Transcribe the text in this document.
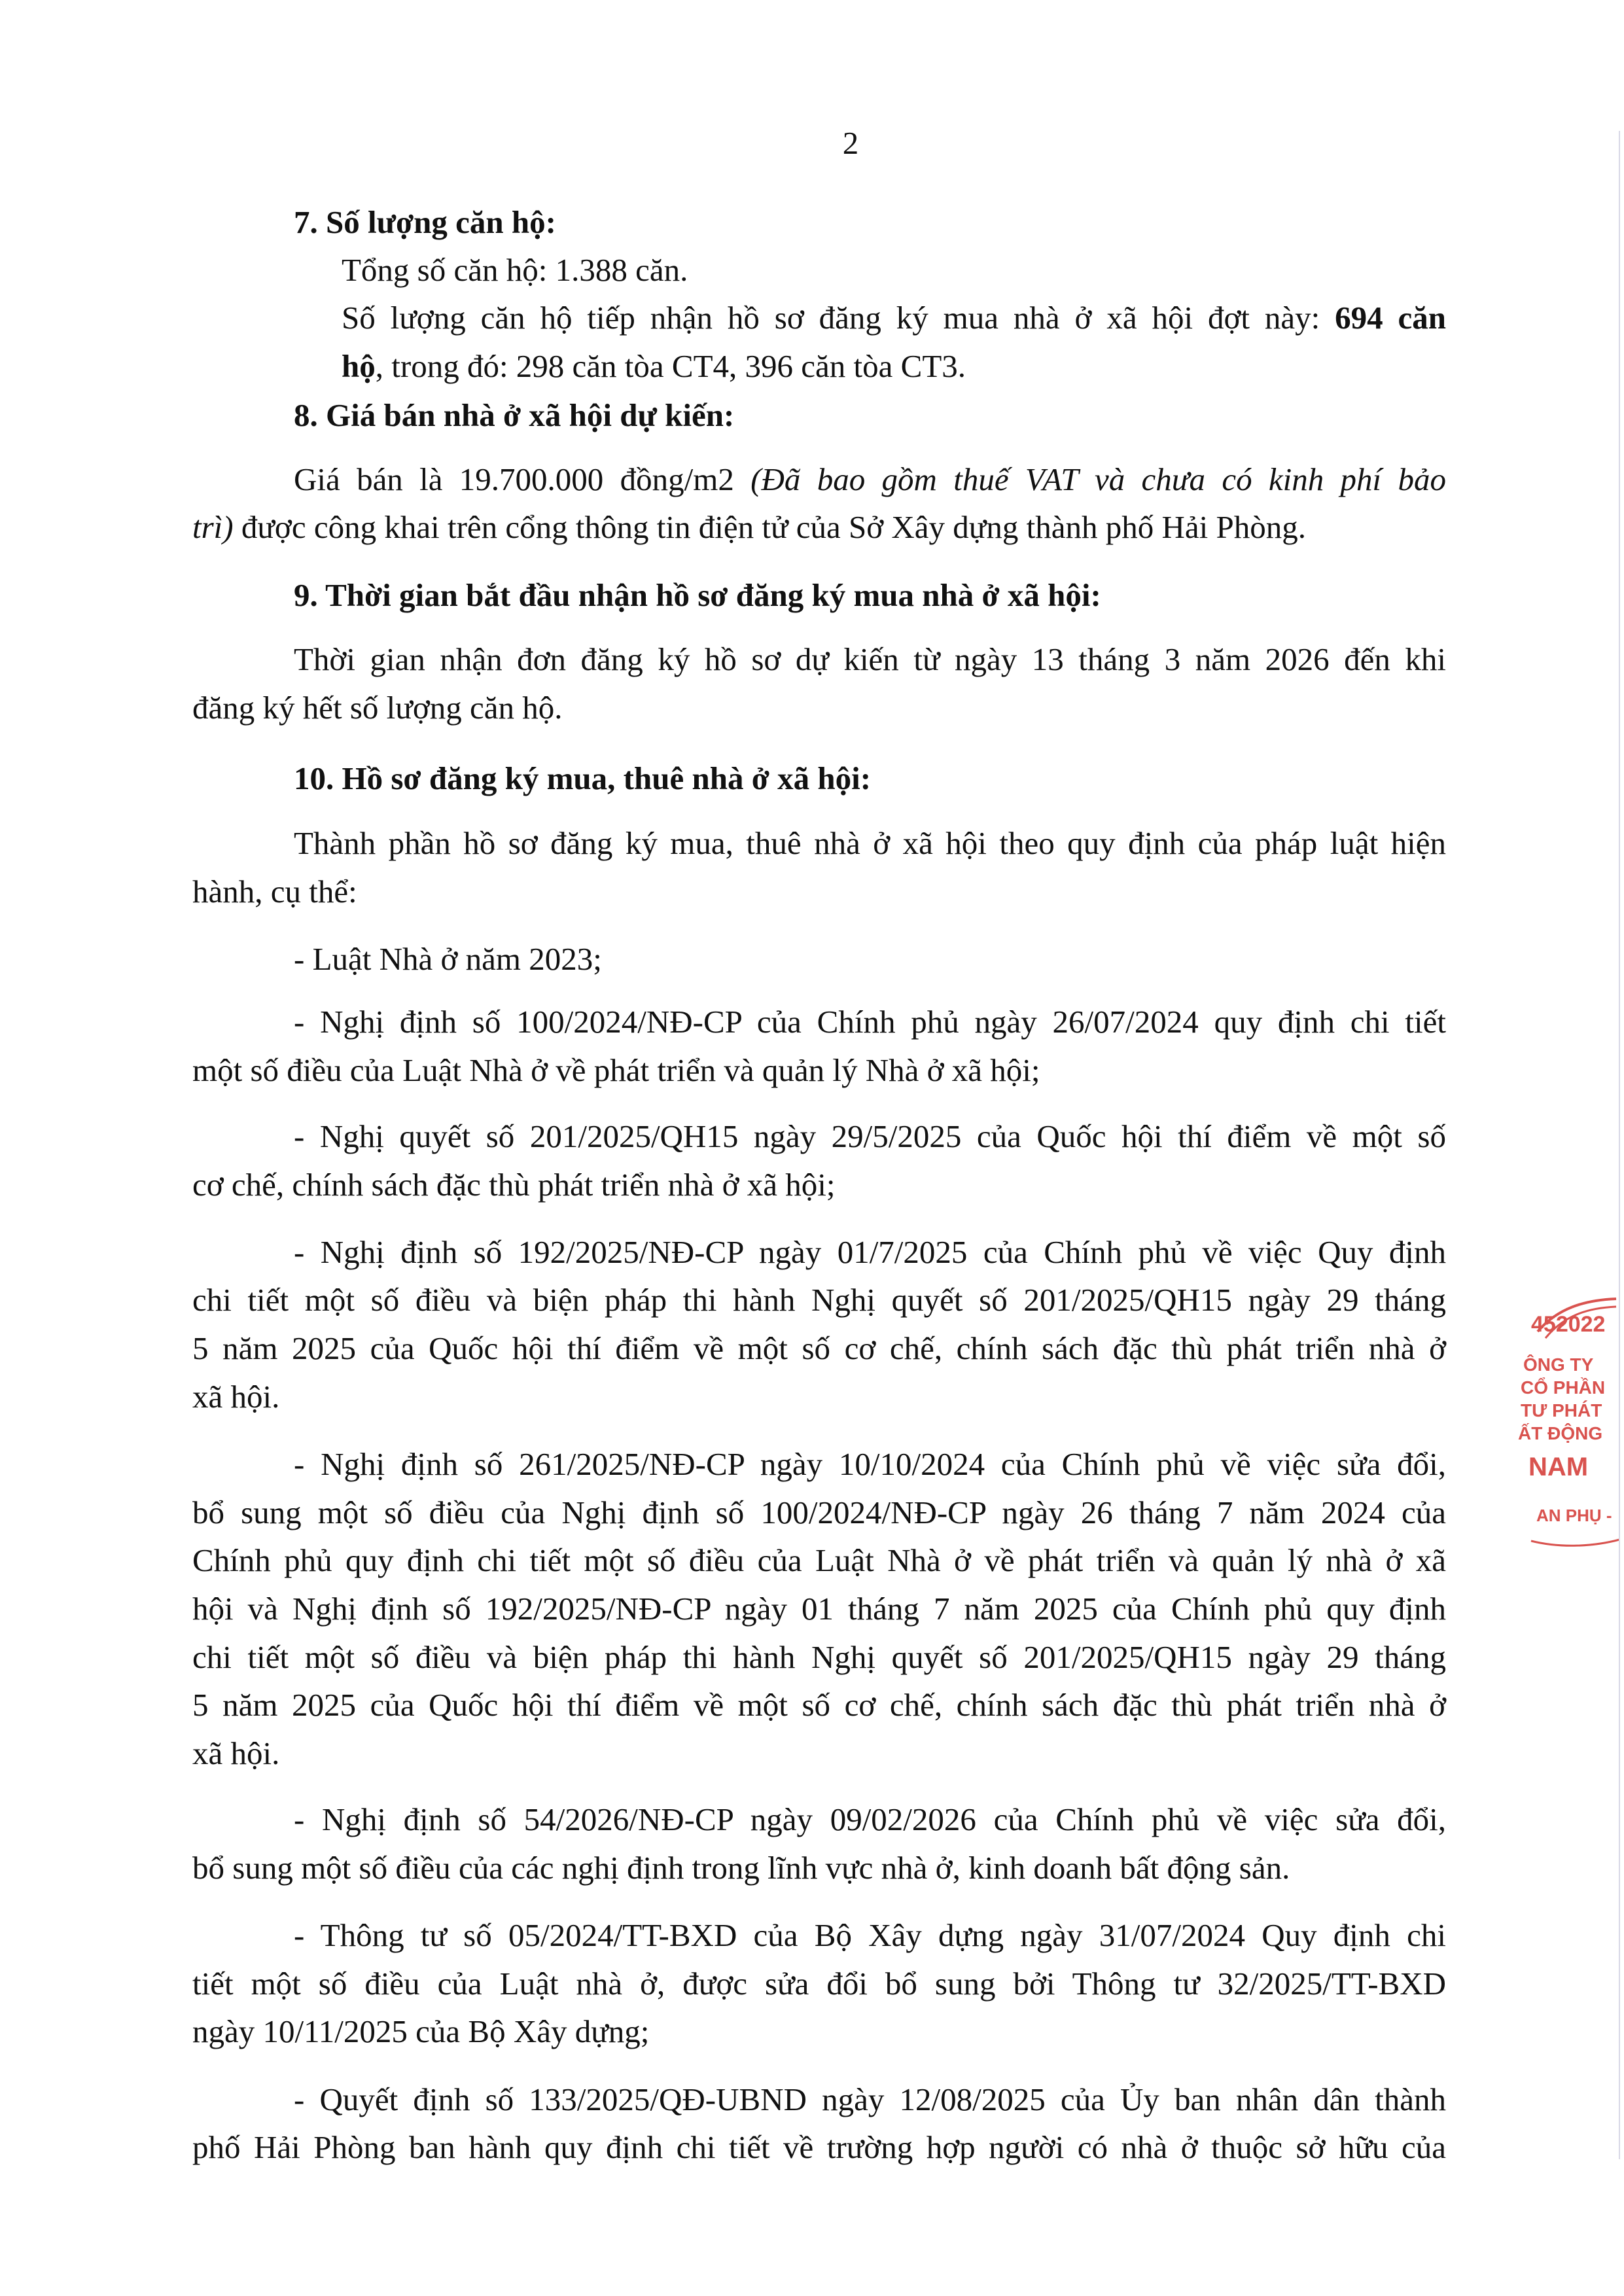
2
7. Số lượng căn hộ:
Tổng số căn hộ: 1.388 căn.
Số lượng căn hộ tiếp nhận hồ sơ đăng ký mua nhà ở xã hội đợt này: 694 căn
hộ, trong đó: 298 căn tòa CT4, 396 căn tòa CT3.
8. Giá bán nhà ở xã hội dự kiến:
Giá bán là 19.700.000 đồng/m2 (Đã bao gồm thuế VAT và chưa có kinh phí bảo
trì) được công khai trên cổng thông tin điện tử của Sở Xây dựng thành phố Hải Phòng.
9. Thời gian bắt đầu nhận hồ sơ đăng ký mua nhà ở xã hội:
Thời gian nhận đơn đăng ký hồ sơ dự kiến từ ngày 13 tháng 3 năm 2026 đến khi
đăng ký hết số lượng căn hộ.
10. Hồ sơ đăng ký mua, thuê nhà ở xã hội:
Thành phần hồ sơ đăng ký mua, thuê nhà ở xã hội theo quy định của pháp luật hiện
hành, cụ thể:
- Luật Nhà ở năm 2023;
- Nghị định số 100/2024/NĐ-CP của Chính phủ ngày 26/07/2024 quy định chi tiết
một số điều của Luật Nhà ở về phát triển và quản lý Nhà ở xã hội;
- Nghị quyết số 201/2025/QH15 ngày 29/5/2025 của Quốc hội thí điểm về một số
cơ chế, chính sách đặc thù phát triển nhà ở xã hội;
- Nghị định số 192/2025/NĐ-CP ngày 01/7/2025 của Chính phủ về việc Quy định
chi tiết một số điều và biện pháp thi hành Nghị quyết số 201/2025/QH15 ngày 29 tháng
5 năm 2025 của Quốc hội thí điểm về một số cơ chế, chính sách đặc thù phát triển nhà ở
xã hội.
- Nghị định số 261/2025/NĐ-CP ngày 10/10/2024 của Chính phủ về việc sửa đổi,
bổ sung một số điều của Nghị định số 100/2024/NĐ-CP ngày 26 tháng 7 năm 2024 của
Chính phủ quy định chi tiết một số điều của Luật Nhà ở về phát triển và quản lý nhà ở xã
hội và Nghị định số 192/2025/NĐ-CP ngày 01 tháng 7 năm 2025 của Chính phủ quy định
chi tiết một số điều và biện pháp thi hành Nghị quyết số 201/2025/QH15 ngày 29 tháng
5 năm 2025 của Quốc hội thí điểm về một số cơ chế, chính sách đặc thù phát triển nhà ở
xã hội.
- Nghị định số 54/2026/NĐ-CP ngày 09/02/2026 của Chính phủ về việc sửa đổi,
bổ sung một số điều của các nghị định trong lĩnh vực nhà ở, kinh doanh bất động sản.
- Thông tư số 05/2024/TT-BXD của Bộ Xây dựng ngày 31/07/2024 Quy định chi
tiết một số điều của Luật nhà ở, được sửa đổi bổ sung bởi Thông tư 32/2025/TT-BXD
ngày 10/11/2025 của Bộ Xây dựng;
- Quyết định số 133/2025/QĐ-UBND ngày 12/08/2025 của Ủy ban nhân dân thành
phố Hải Phòng ban hành quy định chi tiết về trường hợp người có nhà ở thuộc sở hữu của
452022
ÔNG TY
CỔ PHẦN
TƯ PHÁT
ẤT ĐỘNG
NAM
AN PHỤ -
